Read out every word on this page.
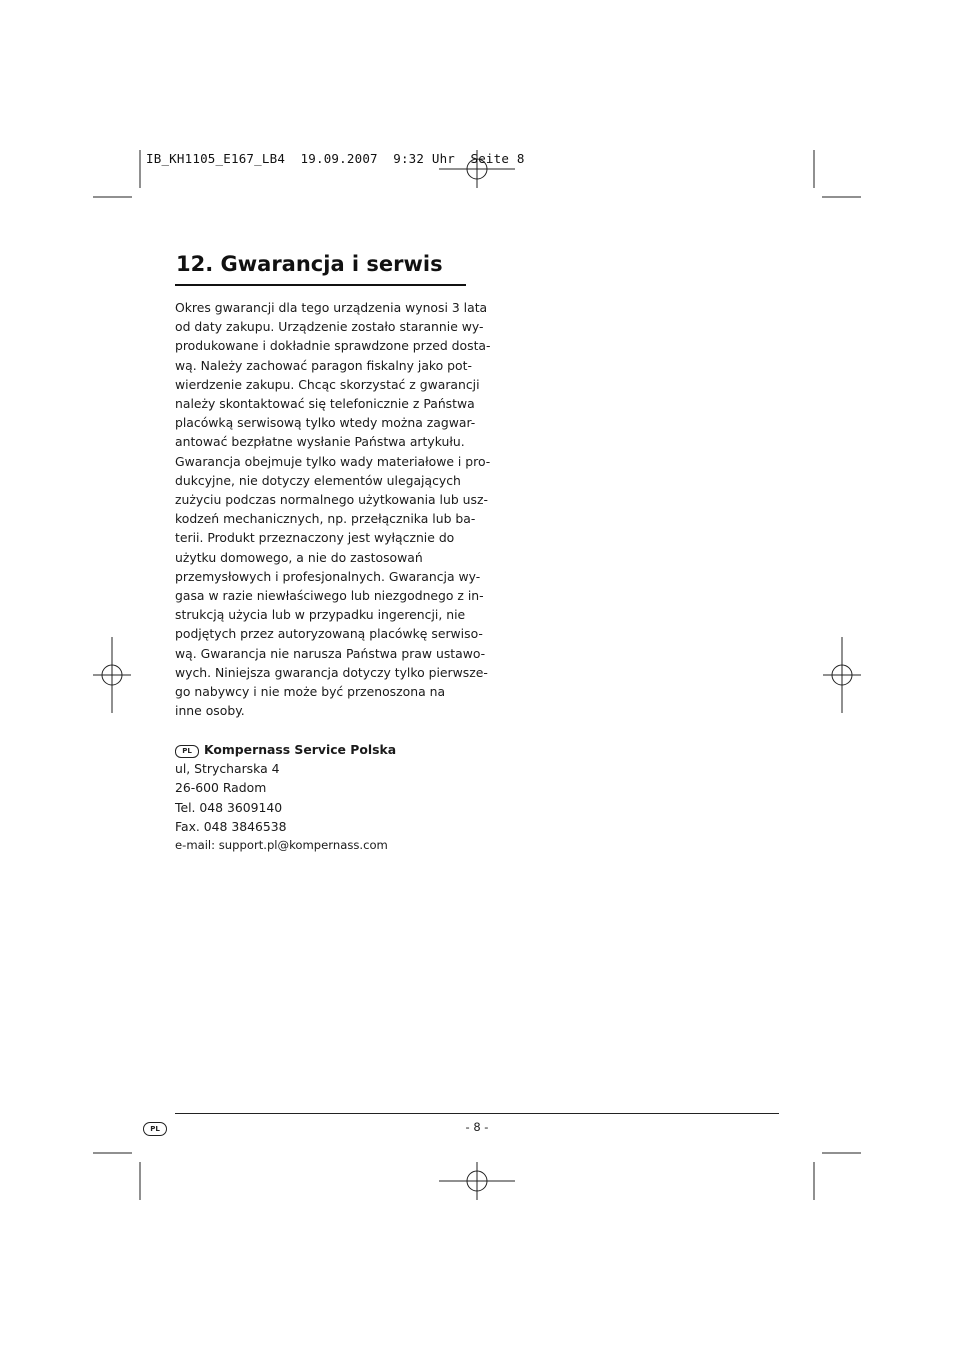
IB_KH1105_E167_LB4  19.09.2007  9:32 Uhr  Seite 8
12. Gwarancja i serwis
Okres gwarancji dla tego urządzenia wynosi 3 lata
od daty zakupu. Urządzenie zostało starannie wy-
produkowane i dokładnie sprawdzone przed dosta-
wą. Należy zachować paragon fiskalny jako pot-
wierdzenie zakupu. Chcąc skorzystać z gwarancji
należy skontaktować się telefonicznie z Państwa
placówką serwisową tylko wtedy można zagwar-
antować bezpłatne wysłanie Państwa artykułu.
Gwarancja obejmuje tylko wady materiałowe i pro-
dukcyjne, nie dotyczy elementów ulegających
zużyciu podczas normalnego użytkowania lub usz-
kodzeń mechanicznych, np. przełącznika lub ba-
terii. Produkt przeznaczony jest wyłącznie do
użytku domowego, a nie do zastosowań
przemysłowych i profesjonalnych. Gwarancja wy-
gasa w razie niewłaściwego lub niezgodnego z in-
strukcją użycia lub w przypadku ingerencji, nie
podjętych przez autoryzowaną placówkę serwiso-
wą. Gwarancja nie narusza Państwa praw ustawo-
wych. Niniejsza gwarancja dotyczy tylko pierwsze-
go nabywcy i nie może być przenoszona na
inne osoby.
PL Kompernass Service Polska
ul, Strycharska 4
26-600 Radom
Tel. 048 3609140
Fax. 048 3846538
e-mail: support.pl@kompernass.com
PL	- 8 -
